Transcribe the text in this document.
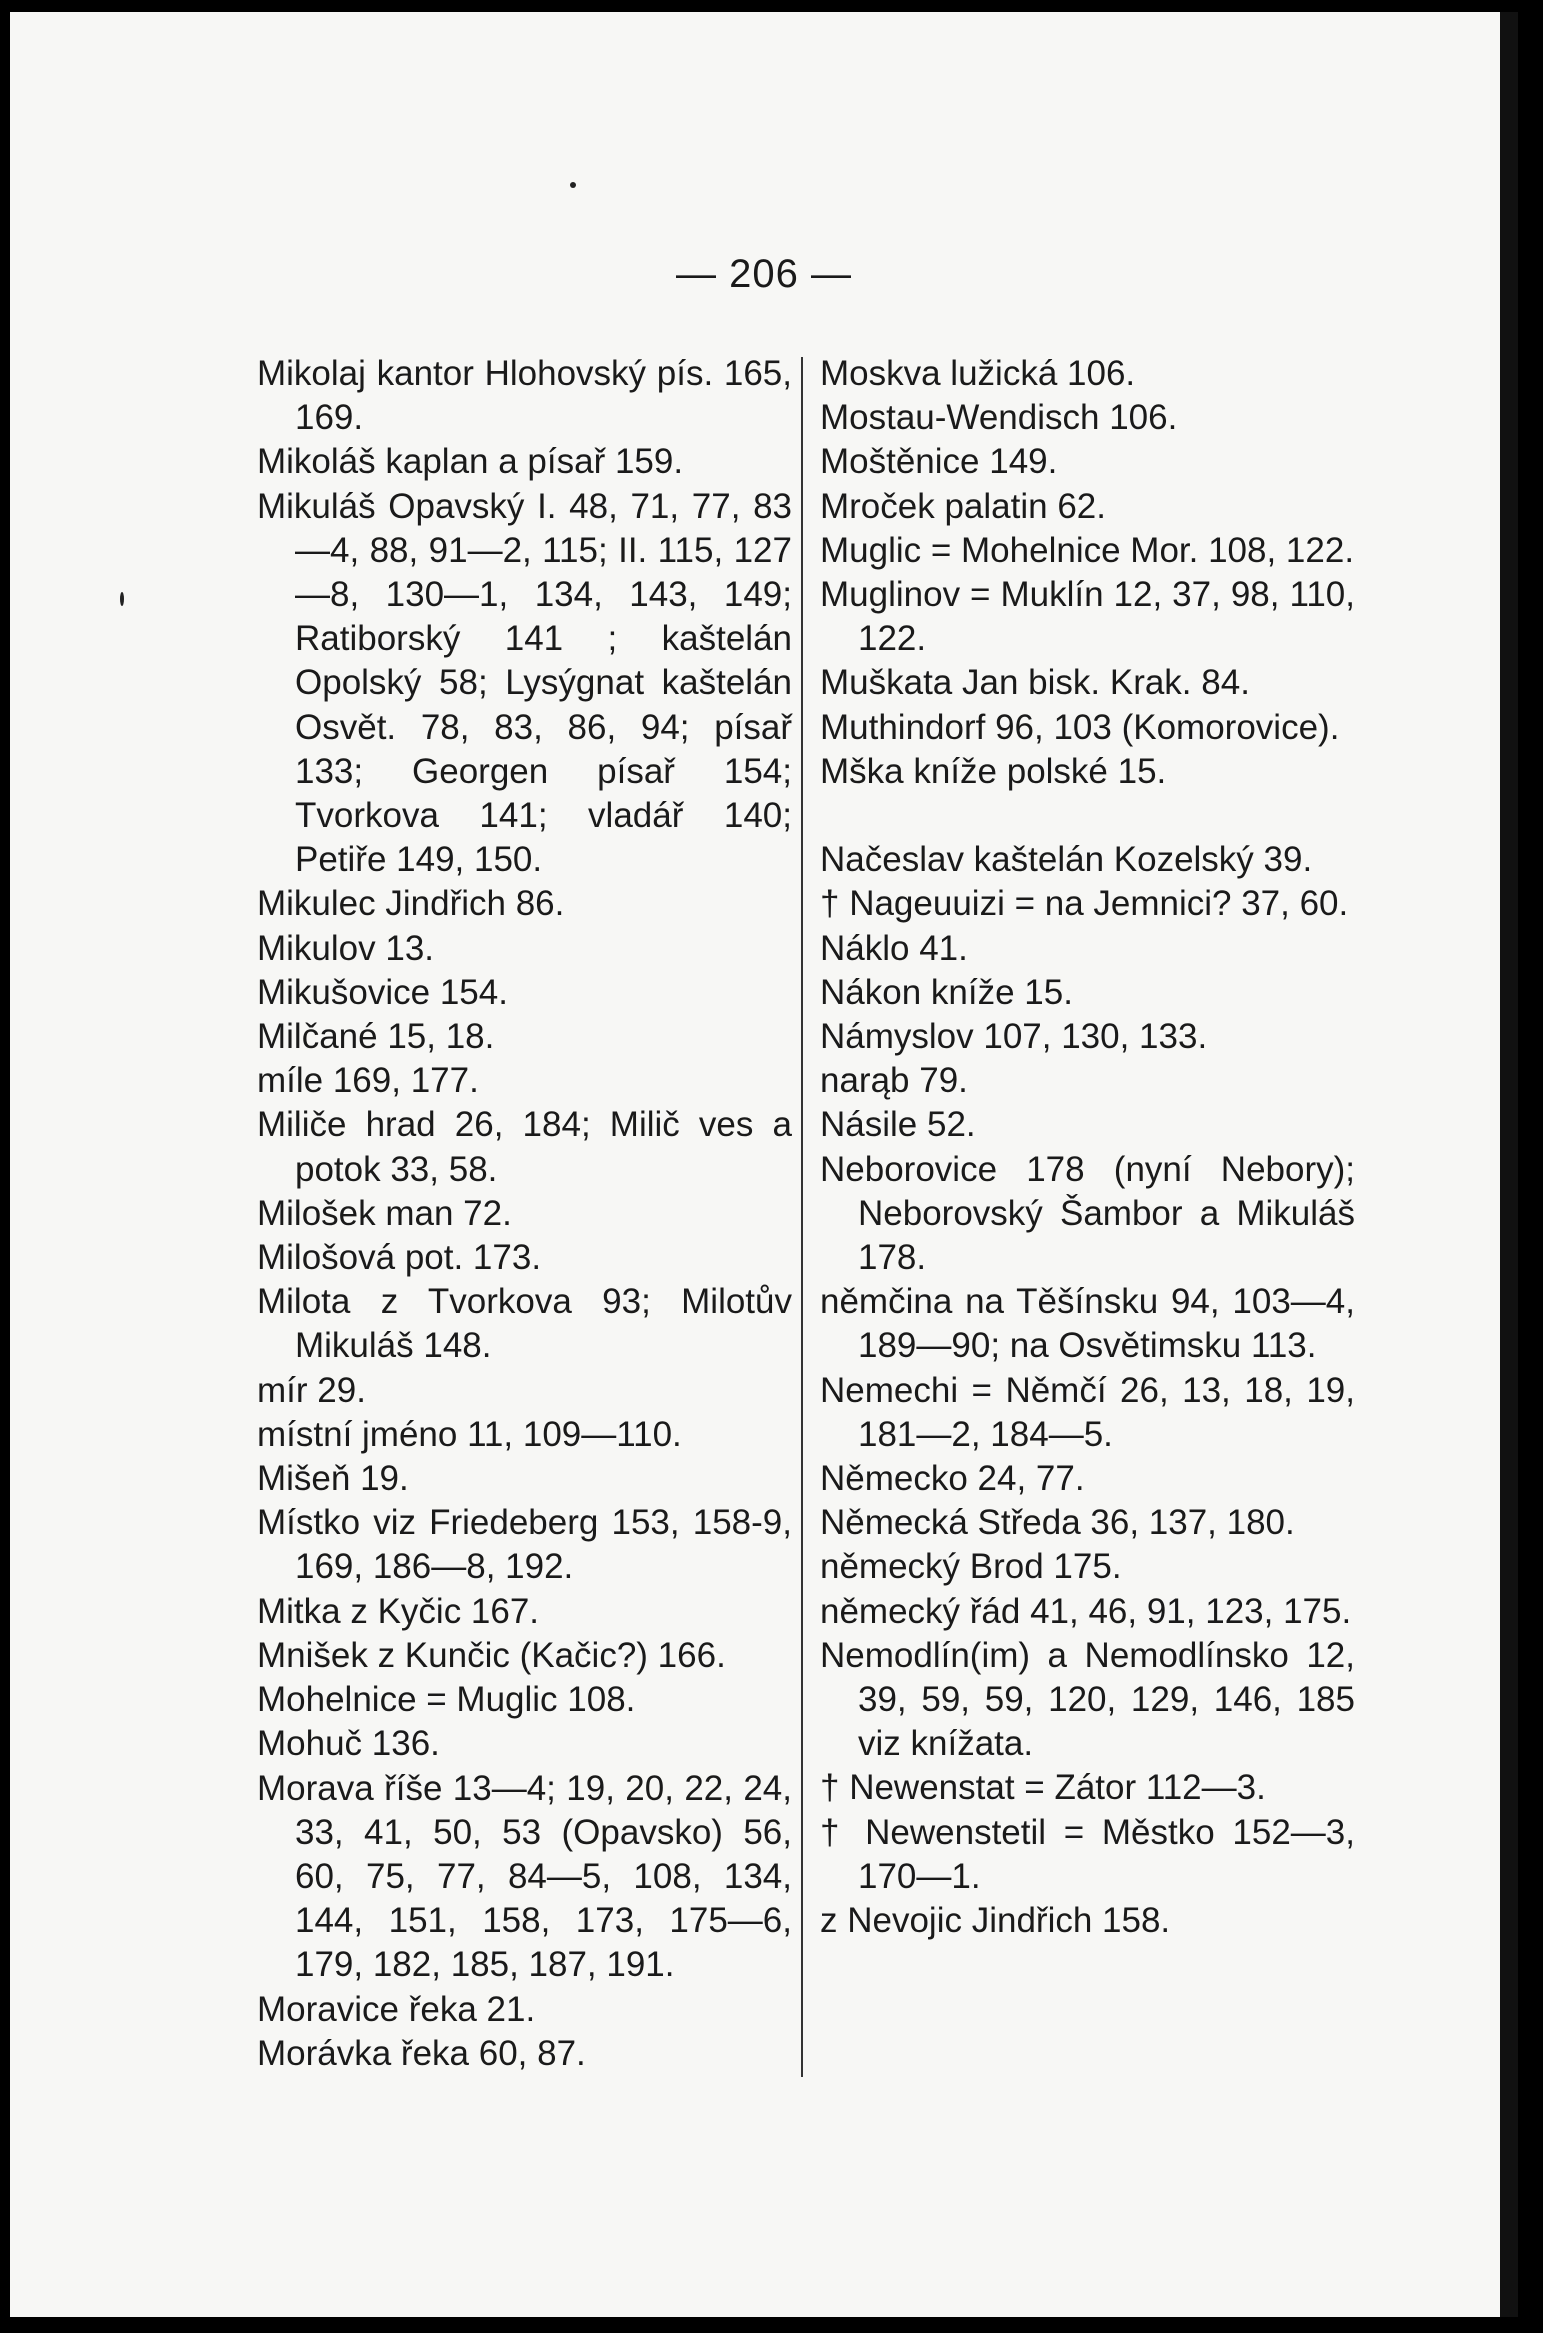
— 206 —
Mikolaj kantor Hlohovský pís. 165, 169.
Mikoláš kaplan a písař 159.
Mikuláš Opavský I. 48, 71, 77, 83—4, 88, 91—2, 115; II. 115, 127—8, 130—1, 134, 143, 149; Ratiborský 141 ; kaštelán Opolský 58; Lysýgnat kaštelán Osvět. 78, 83, 86, 94; písař 133; Georgen písař 154; Tvorkova 141; vladář 140; Petiře 149, 150.
Mikulec Jindřich 86.
Mikulov 13.
Mikušovice 154.
Milčané 15, 18.
míle 169, 177.
Miliče hrad 26, 184; Milič ves a potok 33, 58.
Milošek man 72.
Milošová pot. 173.
Milota z Tvorkova 93; Milotův Mikuláš 148.
mír 29.
místní jméno 11, 109—110.
Mišeň 19.
Místko viz Friedeberg 153, 158-9, 169, 186—8, 192.
Mitka z Kyčic 167.
Mnišek z Kunčic (Kačic?) 166.
Mohelnice = Muglic 108.
Mohuč 136.
Morava říše 13—4; 19, 20, 22, 24, 33, 41, 50, 53 (Opavsko) 56, 60, 75, 77, 84—5, 108, 134, 144, 151, 158, 173, 175—6, 179, 182, 185, 187, 191.
Moravice řeka 21.
Morávka řeka 60, 87.
Moskva lužická 106.
Mostau-Wendisch 106.
Moštěnice 149.
Mroček palatin 62.
Muglic = Mohelnice Mor. 108, 122.
Muglinov = Muklín 12, 37, 98, 110, 122.
Muškata Jan bisk. Krak. 84.
Muthindorf 96, 103 (Komorovice).
Mška kníže polské 15.
Načeslav kaštelán Kozelský 39.
† Nageuuizi = na Jemnici? 37, 60.
Náklo 41.
Nákon kníže 15.
Námyslov 107, 130, 133.
narąb 79.
Násile 52.
Neborovice 178 (nyní Nebory); Neborovský Šambor a Mikuláš 178.
němčina na Těšínsku 94, 103—4, 189—90; na Osvětimsku 113.
Nemechi = Němčí 26, 13, 18, 19, 181—2, 184—5.
Německo 24, 77.
Německá Středa 36, 137, 180.
německý Brod 175.
německý řád 41, 46, 91, 123, 175.
Nemodlín(im) a Nemodlínsko 12, 39, 59, 59, 120, 129, 146, 185 viz knížata.
† Newenstat = Zátor 112—3.
† Newenstetil = Městko 152—3, 170—1.
z Nevojic Jindřich 158.
